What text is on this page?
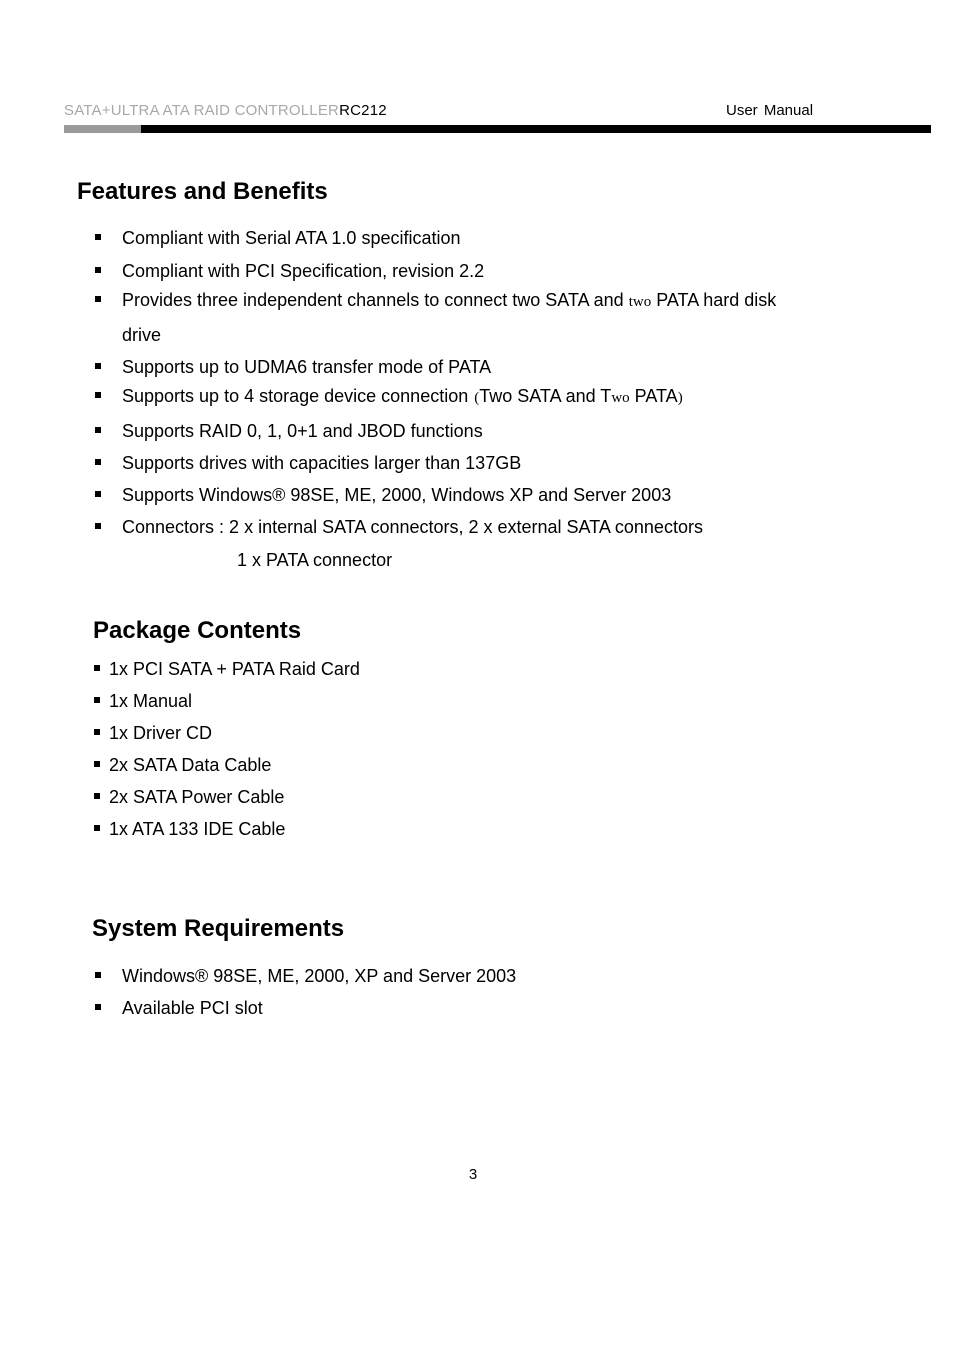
SATA+ULTRA ATA RAID CONTROLLERRC212	User Manual
Features and Benefits
Compliant with Serial ATA 1.0 specification
Compliant with PCI Specification, revision 2.2
Provides three independent channels to connect two SATA and two PATA hard disk
drive
Supports up to UDMA6 transfer mode of PATA
Supports up to 4 storage device connection (Two SATA and Two PATA)
Supports RAID 0, 1, 0+1 and JBOD functions
Supports drives with capacities larger than 137GB
Supports Windows® 98SE, ME, 2000, Windows XP and Server 2003
Connectors : 2 x internal SATA connectors, 2 x external SATA connectors
1 x PATA connector
Package Contents
1x PCI SATA + PATA Raid Card
1x Manual
1x Driver CD
2x SATA Data Cable
2x SATA Power Cable
1x ATA 133 IDE Cable
System Requirements
Windows® 98SE, ME, 2000, XP and Server 2003
Available PCI slot
3
